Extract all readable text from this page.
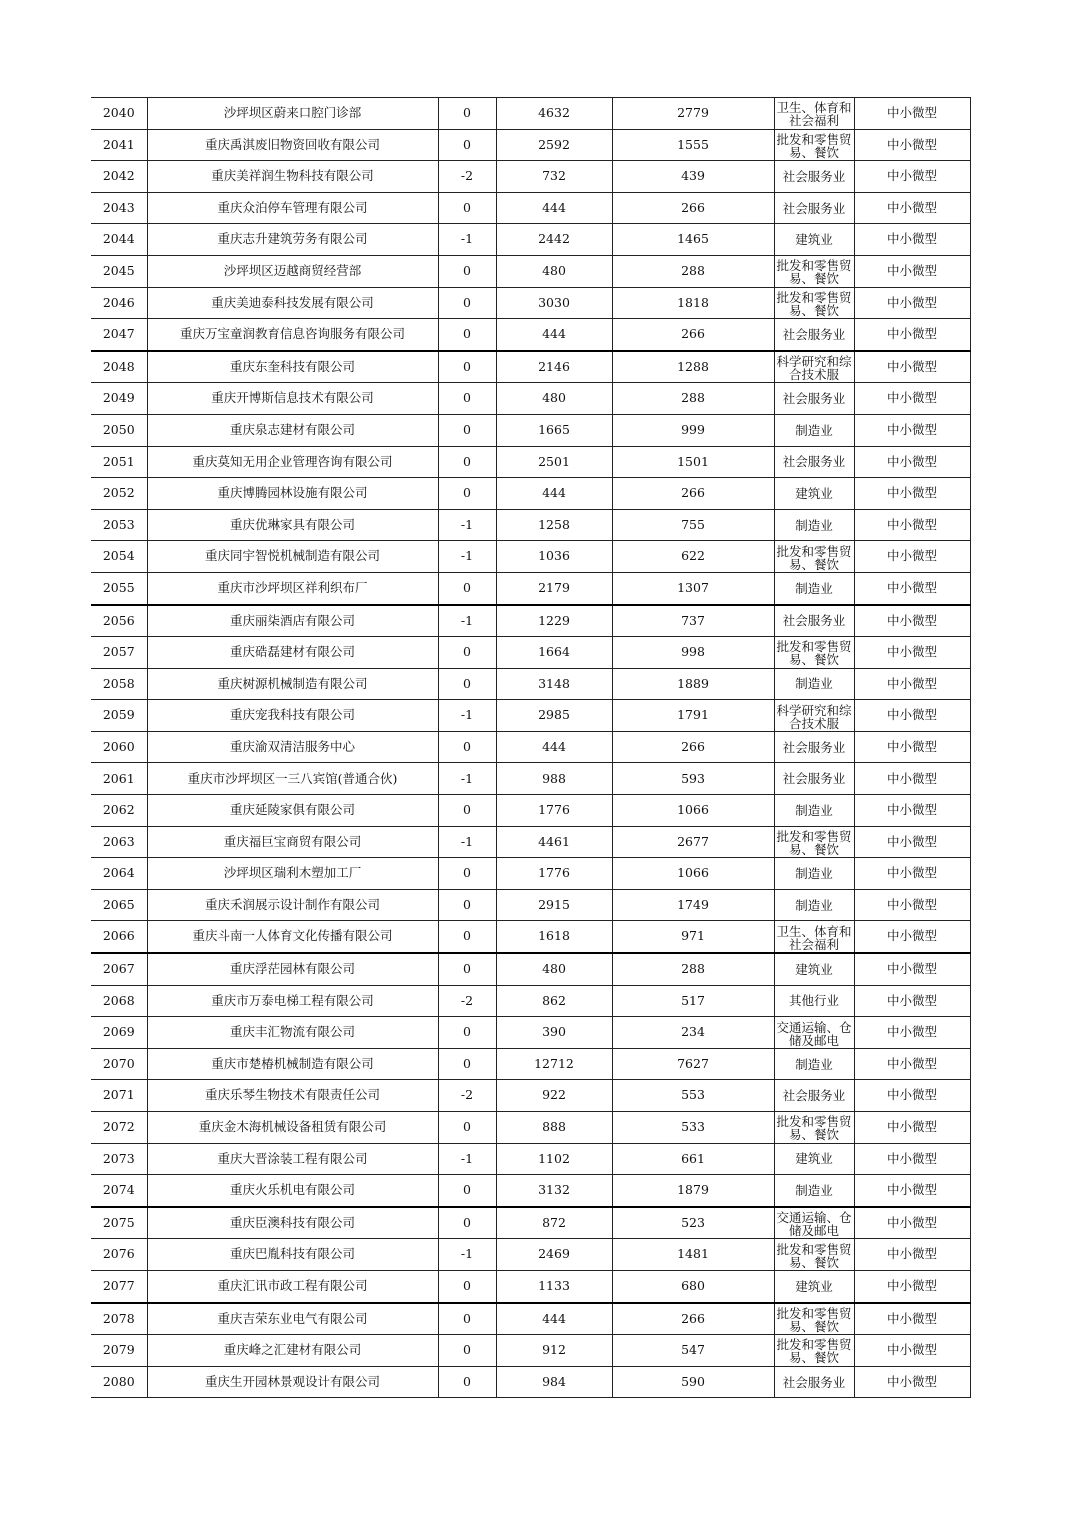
2040	沙坪坝区蔚来口腔门诊部	0	4632	2779	卫生、体育和社会福利	中小微型
2041	重庆禹淇废旧物资回收有限公司	0	2592	1555	批发和零售贸易、餐饮	中小微型
2042	重庆美祥润生物科技有限公司	-2	732	439	社会服务业	中小微型
2043	重庆众泊停车管理有限公司	0	444	266	社会服务业	中小微型
2044	重庆志升建筑劳务有限公司	-1	2442	1465	建筑业	中小微型
2045	沙坪坝区迈越商贸经营部	0	480	288	批发和零售贸易、餐饮	中小微型
2046	重庆美迪泰科技发展有限公司	0	3030	1818	批发和零售贸易、餐饮	中小微型
2047	重庆万宝童润教育信息咨询服务有限公司	0	444	266	社会服务业	中小微型
2048	重庆东奎科技有限公司	0	2146	1288	科学研究和综合技术服	中小微型
2049	重庆开博斯信息技术有限公司	0	480	288	社会服务业	中小微型
2050	重庆泉志建材有限公司	0	1665	999	制造业	中小微型
2051	重庆莫知无用企业管理咨询有限公司	0	2501	1501	社会服务业	中小微型
2052	重庆博腾园林设施有限公司	0	444	266	建筑业	中小微型
2053	重庆优琳家具有限公司	-1	1258	755	制造业	中小微型
2054	重庆同宇智悦机械制造有限公司	-1	1036	622	批发和零售贸易、餐饮	中小微型
2055	重庆市沙坪坝区祥利织布厂	0	2179	1307	制造业	中小微型
2056	重庆丽柒酒店有限公司	-1	1229	737	社会服务业	中小微型
2057	重庆硞磊建材有限公司	0	1664	998	批发和零售贸易、餐饮	中小微型
2058	重庆树源机械制造有限公司	0	3148	1889	制造业	中小微型
2059	重庆宠我科技有限公司	-1	2985	1791	科学研究和综合技术服	中小微型
2060	重庆渝双清洁服务中心	0	444	266	社会服务业	中小微型
2061	重庆市沙坪坝区一三八宾馆(普通合伙)	-1	988	593	社会服务业	中小微型
2062	重庆延陵家俱有限公司	0	1776	1066	制造业	中小微型
2063	重庆福巨宝商贸有限公司	-1	4461	2677	批发和零售贸易、餐饮	中小微型
2064	沙坪坝区瑞利木塑加工厂	0	1776	1066	制造业	中小微型
2065	重庆禾润展示设计制作有限公司	0	2915	1749	制造业	中小微型
2066	重庆斗南一人体育文化传播有限公司	0	1618	971	卫生、体育和社会福利	中小微型
2067	重庆浮茫园林有限公司	0	480	288	建筑业	中小微型
2068	重庆市万泰电梯工程有限公司	-2	862	517	其他行业	中小微型
2069	重庆丰汇物流有限公司	0	390	234	交通运输、仓储及邮电	中小微型
2070	重庆市楚椿机械制造有限公司	0	12712	7627	制造业	中小微型
2071	重庆乐琴生物技术有限责任公司	-2	922	553	社会服务业	中小微型
2072	重庆金木海机械设备租赁有限公司	0	888	533	批发和零售贸易、餐饮	中小微型
2073	重庆大晋涂装工程有限公司	-1	1102	661	建筑业	中小微型
2074	重庆火乐机电有限公司	0	3132	1879	制造业	中小微型
2075	重庆臣澳科技有限公司	0	872	523	交通运输、仓储及邮电	中小微型
2076	重庆巴胤科技有限公司	-1	2469	1481	批发和零售贸易、餐饮	中小微型
2077	重庆汇讯市政工程有限公司	0	1133	680	建筑业	中小微型
2078	重庆吉荣东业电气有限公司	0	444	266	批发和零售贸易、餐饮	中小微型
2079	重庆峰之汇建材有限公司	0	912	547	批发和零售贸易、餐饮	中小微型
2080	重庆生开园林景观设计有限公司	0	984	590	社会服务业	中小微型
